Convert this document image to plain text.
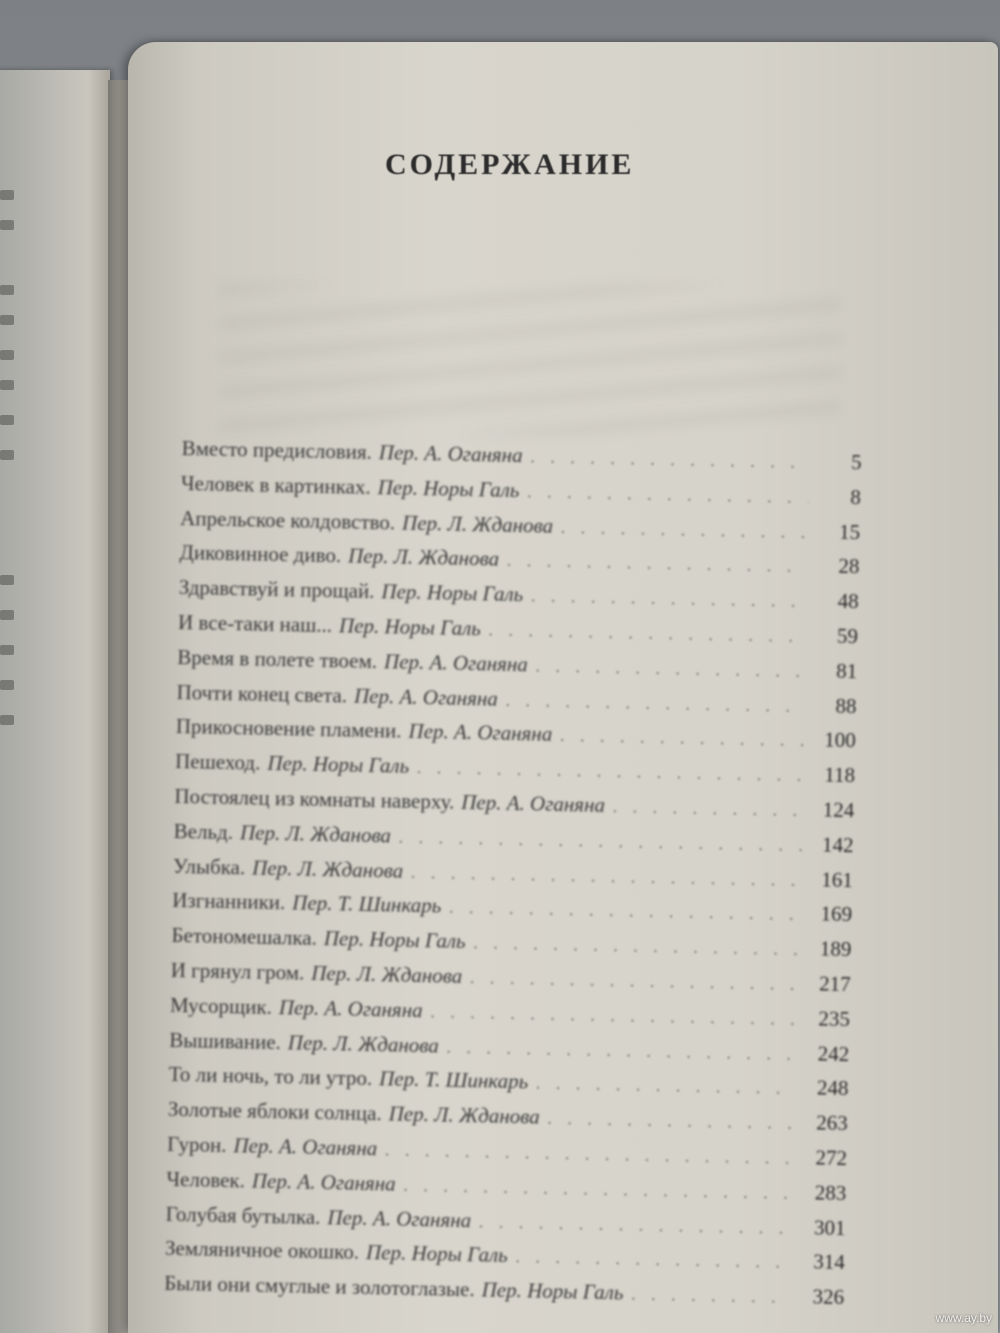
СОДЕРЖАНИЕ
Вместо предисловия. Пер. А. Оганяна . . .	5
Человек в картинках. Пер. Норы Галь . . .	8
Апрельское колдовство. Пер. Л. Жданова . . .	15
Диковинное диво. Пер. Л. Жданова . . .	28
Здравствуй и прощай. Пер. Норы Галь . . .	48
И все-таки наш... Пер. Норы Галь . . .	59
Время в полете твоем. Пер. А. Оганяна . . .	81
Почти конец света. Пер. А. Оганяна . . .	88
Прикосновение пламени. Пер. А. Оганяна . . .	100
Пешеход. Пер. Норы Галь . . .	118
Постоялец из комнаты наверху. Пер. А. Оганяна . . .	124
Вельд. Пер. Л. Жданова . . .	142
Улыбка. Пер. Л. Жданова . . .	161
Изгнанники. Пер. Т. Шинкарь . . .	169
Бетономешалка. Пер. Норы Галь . . .	189
И грянул гром. Пер. Л. Жданова . . .	217
Мусорщик. Пер. А. Оганяна . . .	235
Вышивание. Пер. Л. Жданова . . .	242
То ли ночь, то ли утро. Пер. Т. Шинкарь . . .	248
Золотые яблоки солнца. Пер. Л. Жданова . . .	263
Гурон. Пер. А. Оганяна . . .	272
Человек. Пер. А. Оганяна . . .	283
Голубая бутылка. Пер. А. Оганяна . . .	301
Земляничное окошко. Пер. Норы Галь . . .	314
Были они смуглые и золотоглазые. Пер. Норы Галь . . .	326
www.ay.by
